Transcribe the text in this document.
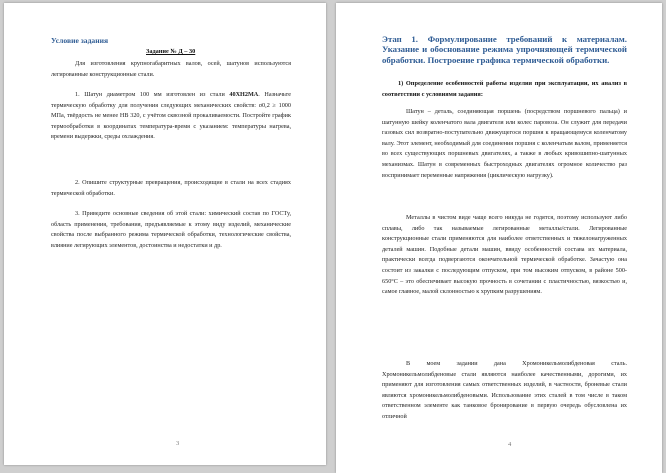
Условие задания
Задание № Д – 30
Для изготовления крупногабаритных валов, осей, шатунов используются легированные конструкционные стали.
1. Шатун диаметром 100 мм изготовлен из стали 40ХН2МА. Назначьте термическую обработку для получения следующих механических свойств: σ0,2 ≥ 1000 МПа, твёрдость не менее НВ 320, с учётом сквозной прокаливаемости. Постройте график термообработки в координатах температура-время с указанием: температуры нагрева, времени выдержки, среды охлаждения.
2. Опишите структурные превращения, происходящие в стали на всех стадиях термической обработки.
3. Приведите основные сведения об этой стали: химический состав по ГОСТу, область применения, требования, предъявляемые к этому виду изделий, механические свойства после выбранного режима термической обработки, технологические свойства, влияние легирующих элементов, достоинства и недостатки и др.
3
Этап 1. Формулирование требований к материалам. Указание и обоснование режима упрочняющей термической обработки. Построение графика термической обработки.
1) Определение особенностей работы изделия при эксплуатации, их анализ в соответствии с условиями задания:
Шатун – деталь, соединяющая поршень (посредством поршневого пальца) и шатунную шейку коленчатого вала двигателя или колес паровоза. Он служит для передачи газовых сил возвратно-поступательно движущегося поршня к вращающемуся коленчатому валу. Этот элемент, необходимый для соединения поршня с коленчатым валом, применяется во всех существующих поршневых двигателях, а также в любых кривошипно-шатунных механизмах. Шатун в современных быстроходных двигателях огромное количество раз воспринимает переменные напряжения (циклическую нагрузку).
Металлы в чистом виде чаще всего никуда не годятся, поэтому используют либо сплавы, либо так называемые легированные металлы/стали. Легированные конструкционные стали применяются для наиболее ответственных и тяжелонагруженных деталей машин. Подобные детали машин, ввиду особенностей состава их материала, практически всегда подвергаются окончательной термической обработке. Зачастую она состоит из закалки с последующим отпуском, при том высоким отпуском, в районе 500-650°С – это обеспечивает высокую прочность в сочетании с пластичностью, вязкостью и, самое главное, малой склонностью к хрупким разрушениям.
В моем задании дана Хромоникельмолибденовая сталь. Хромоникельмолибденовые стали являются наиболее качественными, дорогими, их применяют для изготовления самых ответственных изделий, в частности, броневые стали являются хромоникельмолибденовыми. Использование этих сталей в том числе в таком ответственном элементе как танковое бронирование в первую очередь обусловлена их отличной
4
